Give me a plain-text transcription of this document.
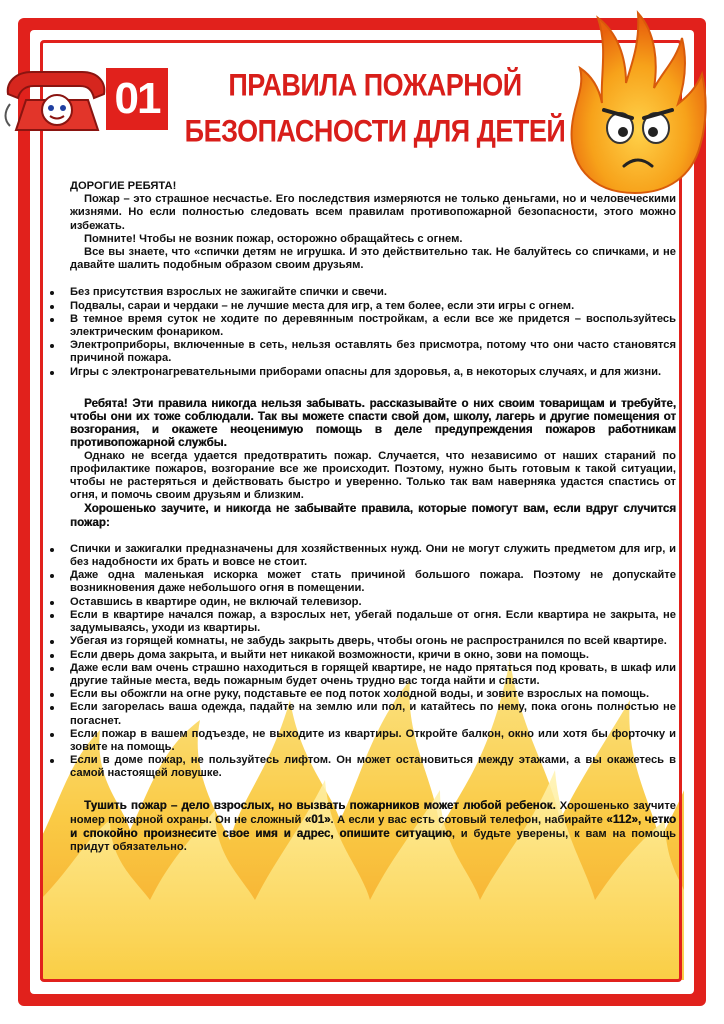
01	ПРАВИЛА ПОЖАРНОЙ
БЕЗОПАСНОСТИ ДЛЯ ДЕТЕЙ

ДОРОГИЕ РЕБЯТА!

Пожар – это страшное несчастье. Его последствия измеряются не только деньгами, но и человеческими жизнями. Но если полностью следовать всем правилам противопожарной безопасности, этого можно избежать.

Помните! Чтобы не возник пожар, осторожно обращайтесь с огнем.

Все вы знаете, что «спички детям не игрушка. И это действительно так. Не балуйтесь со спичками, и не давайте шалить подобным образом своим друзьям.

Без присутствия взрослых не зажигайте спички и свечи.
Подвалы, сараи и чердаки – не лучшие места для игр, а тем более, если эти игры с огнем.
В темное время суток не ходите по деревянным постройкам, а если все же придется – воспользуйтесь электрическим фонариком.
Электроприборы, включенные в сеть, нельзя оставлять без присмотра, потому что они часто становятся причиной пожара.
Игры с электронагревательными приборами опасны для здоровья, а, в некоторых случаях, и для жизни.

Ребята! Эти правила никогда нельзя забывать. рассказывайте о них своим товарищам и требуйте, чтобы они их тоже соблюдали. Так вы можете спасти свой дом, школу, лагерь и другие помещения от возгорания, и окажете неоценимую помощь в деле предупреждения пожаров работникам противопожарной службы.

Однако не всегда удается предотвратить пожар. Случается, что независимо от наших стараний по профилактике пожаров, возгорание все же происходит. Поэтому, нужно быть готовым к такой ситуации, чтобы не растеряться и действовать быстро и уверенно. Только так вам наверняка удастся спастись от огня, и помочь своим друзьям и близким.

Хорошенько заучите, и никогда не забывайте правила, которые помогут вам, если вдруг случится пожар:

Спички и зажигалки предназначены для хозяйственных нужд. Они не могут служить предметом для игр, и без надобности их брать и вовсе не стоит.
Даже одна маленькая искорка может стать причиной большого пожара. Поэтому не допускайте возникновения даже небольшого огня в помещении.
Оставшись в квартире один, не включай телевизор.
Если в квартире начался пожар, а взрослых нет, убегай подальше от огня. Если квартира не закрыта, не задумываясь, уходи из квартиры.
Убегая из горящей комнаты, не забудь закрыть дверь, чтобы огонь не распространился по всей квартире.
Если дверь дома закрыта, и выйти нет никакой возможности, кричи в окно, зови на помощь.
Даже если вам очень страшно находиться в горящей квартире, не надо прятаться под кровать, в шкаф или другие тайные места, ведь пожарным будет очень трудно вас тогда найти и спасти.
Если вы обожгли на огне руку, подставьте ее под поток холодной воды, и зовите взрослых на помощь.
Если загорелась ваша одежда, падайте на землю или пол, и катайтесь по нему, пока огонь полностью не погаснет.
Если пожар в вашем подъезде, не выходите из квартиры. Откройте балкон, окно или хотя бы форточку и зовите на помощь.
Если в доме пожар, не пользуйтесь лифтом. Он может остановиться между этажами, а вы окажетесь в самой настоящей ловушке.

Тушить пожар – дело взрослых, но вызвать пожарников может любой ребенок. Хорошенько заучите номер пожарной охраны. Он не сложный «01». А если у вас есть сотовый телефон, набирайте «112», четко и спокойно произнесите свое имя и адрес, опишите ситуацию, и будьте уверены, к вам на помощь придут обязательно.
